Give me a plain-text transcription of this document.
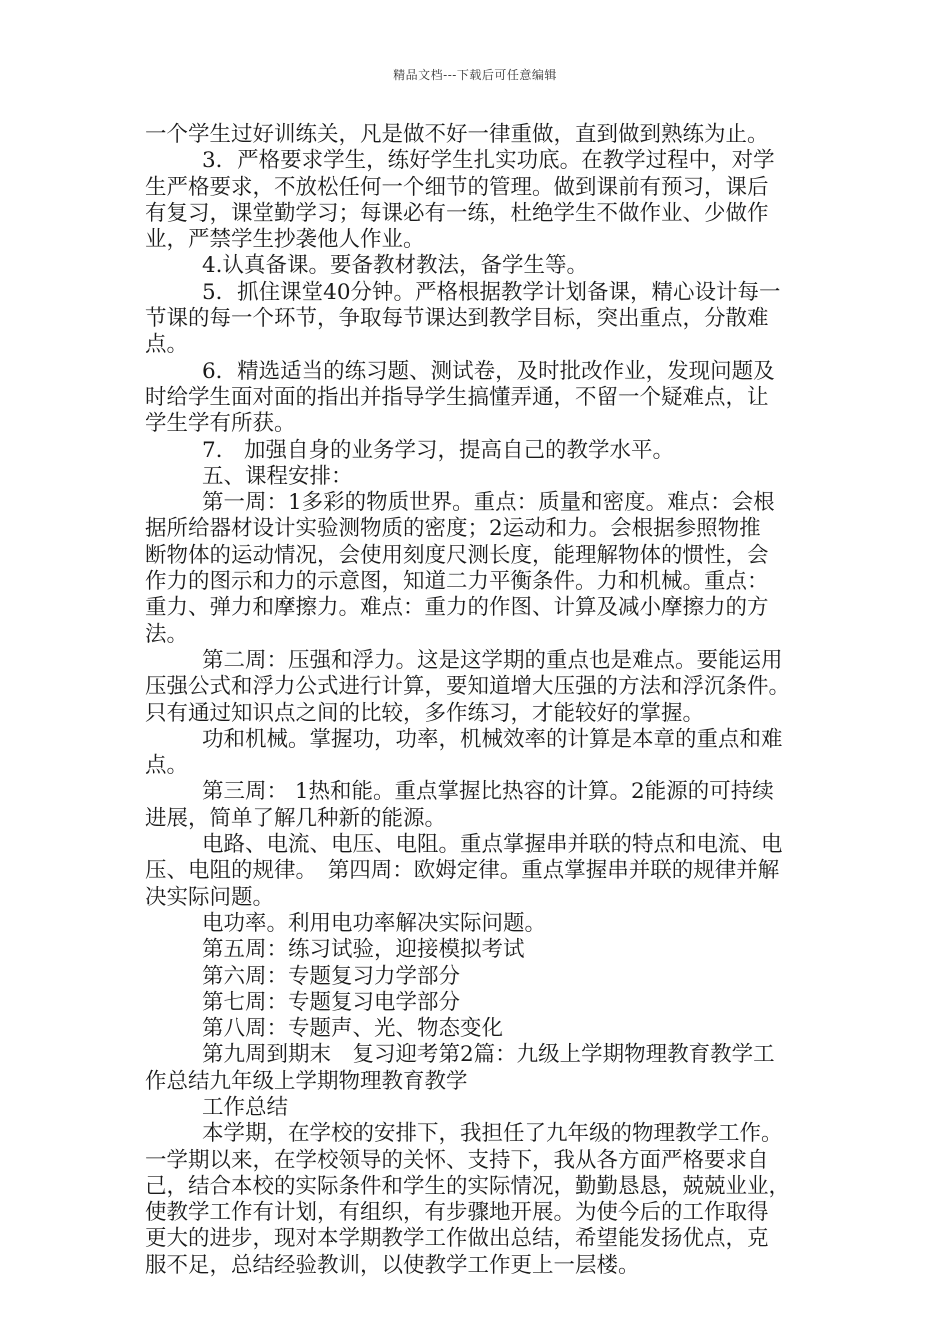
精品文档---下载后可任意编辑
一个学生过好训练关，凡是做不好一律重做，直到做到熟练为止。
3．严格要求学生，练好学生扎实功底。在教学过程中，对学
生严格要求，不放松任何一个细节的管理。做到课前有预习，课后
有复习，课堂勤学习；每课必有一练，杜绝学生不做作业、少做作
业，严禁学生抄袭他人作业。
4.认真备课。要备教材教法，备学生等。
5．抓住课堂40分钟。严格根据教学计划备课，精心设计每一
节课的每一个环节，争取每节课达到教学目标，突出重点，分散难
点。
6．精选适当的练习题、测试卷，及时批改作业，发现问题及
时给学生面对面的指出并指导学生搞懂弄通，不留一个疑难点，让
学生学有所获。
7.　加强自身的业务学习，提高自己的教学水平。
五、课程安排：
第一周：1多彩的物质世界。重点：质量和密度。难点：会根
据所给器材设计实验测物质的密度；2运动和力。会根据参照物推
断物体的运动情况，会使用刻度尺测长度，能理解物体的惯性，会
作力的图示和力的示意图，知道二力平衡条件。力和机械。重点：
重力、弹力和摩擦力。难点：重力的作图、计算及减小摩擦力的方
法。
第二周：压强和浮力。这是这学期的重点也是难点。要能运用
压强公式和浮力公式进行计算，要知道增大压强的方法和浮沉条件。
只有通过知识点之间的比较，多作练习，才能较好的掌握。
功和机械。掌握功，功率，机械效率的计算是本章的重点和难
点。
第三周： 1热和能。重点掌握比热容的计算。2能源的可持续
进展，简单了解几种新的能源。
电路、电流、电压、电阻。重点掌握串并联的特点和电流、电
压、电阻的规律。　第四周：欧姆定律。重点掌握串并联的规律并解
决实际问题。
电功率。利用电功率解决实际问题。
第五周：练习试验，迎接模拟考试
第六周：专题复习力学部分
第七周：专题复习电学部分
第八周：专题声、光、物态变化
第九周到期末　复习迎考第2篇：九级上学期物理教育教学工
作总结九年级上学期物理教育教学
工作总结
本学期，在学校的安排下，我担任了九年级的物理教学工作。
一学期以来，在学校领导的关怀、支持下，我从各方面严格要求自
己，结合本校的实际条件和学生的实际情况，勤勤恳恳，兢兢业业，
使教学工作有计划，有组织，有步骤地开展。为使今后的工作取得
更大的进步，现对本学期教学工作做出总结，希望能发扬优点，克
服不足，总结经验教训，以使教学工作更上一层楼。
